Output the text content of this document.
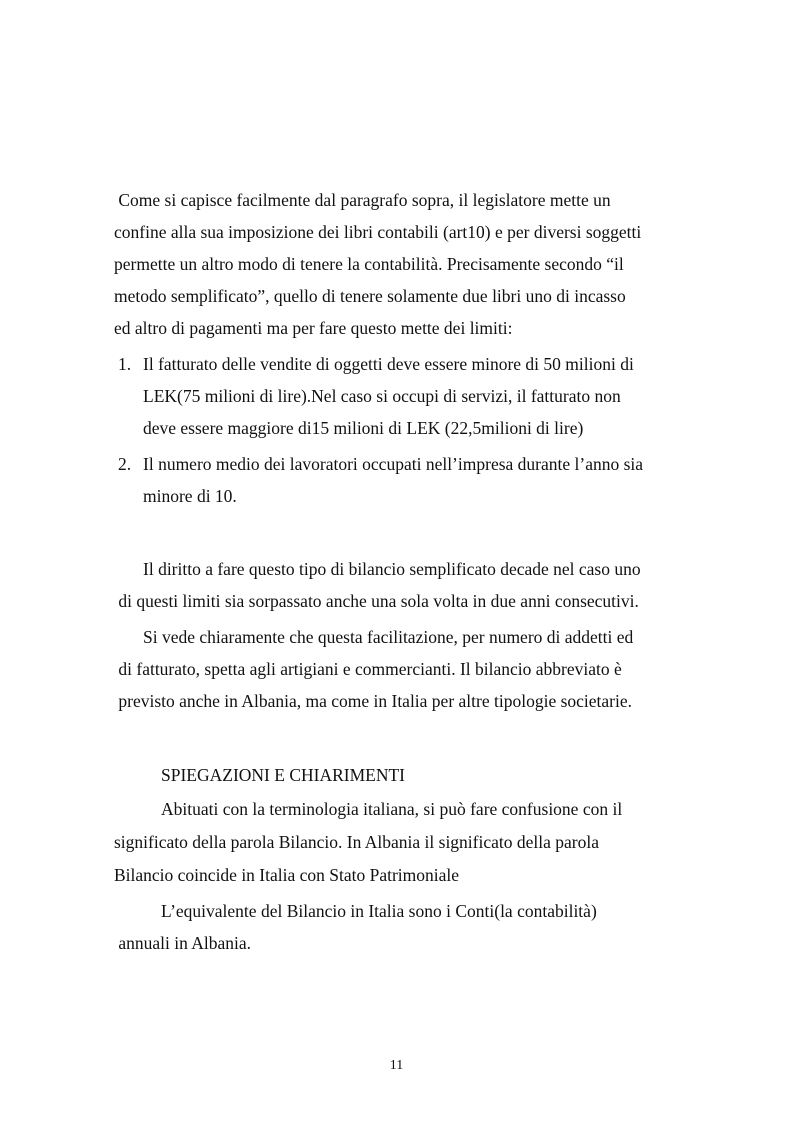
Come si capisce facilmente dal paragrafo sopra, il legislatore mette un
confine alla sua imposizione dei libri contabili (art10) e per diversi soggetti
permette un altro modo di tenere la contabilità. Precisamente secondo “il
metodo semplificato”, quello di tenere solamente due libri uno di incasso
ed altro di pagamenti ma per fare questo mette dei limiti:
1. Il fatturato delle vendite di oggetti deve essere minore di 50 milioni di
LEK(75 milioni di lire).Nel caso si occupi di servizi, il fatturato non
deve essere maggiore di15 milioni di LEK (22,5milioni di lire)
2. Il numero medio dei lavoratori occupati nell’impresa durante l’anno sia
minore di 10.
Il diritto a fare questo tipo di bilancio semplificato decade nel caso uno
di questi limiti sia sorpassato anche una sola volta in due anni consecutivi.
Si vede chiaramente che questa facilitazione, per numero di addetti ed
di fatturato, spetta agli artigiani e commercianti. Il bilancio abbreviato è
previsto anche in Albania, ma come in Italia per altre tipologie societarie.
SPIEGAZIONI E CHIARIMENTI
Abituati con la terminologia italiana, si può fare confusione con il
significato della parola Bilancio. In Albania il significato della parola
Bilancio coincide in Italia con Stato Patrimoniale
L’equivalente del Bilancio in Italia sono i Conti(la contabilità)
annuali in Albania.
11
